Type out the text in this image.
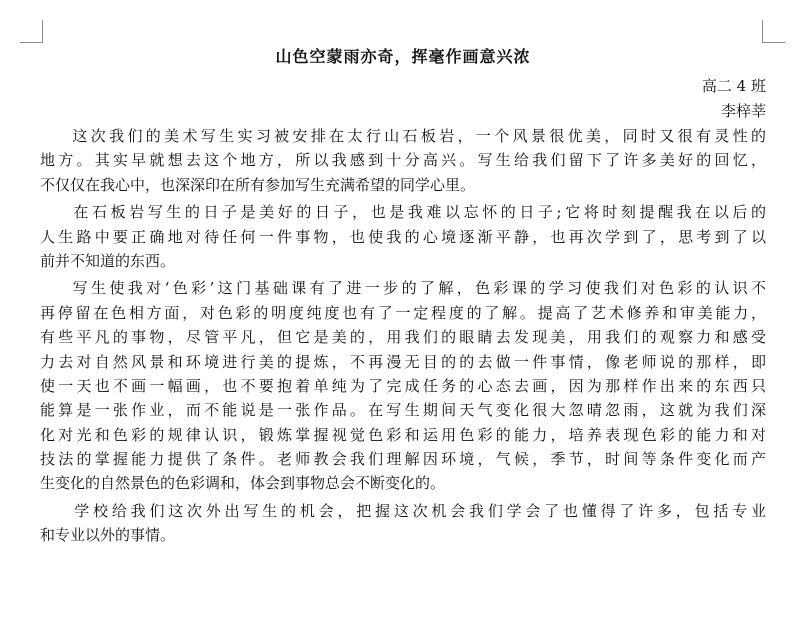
山色空蒙雨亦奇，挥毫作画意兴浓
高二 4 班
李梓莘
这次我们的美术写生实习被安排在太行山石板岩，一个风景很优美，同时又很有灵性的
地方。其实早就想去这个地方，所以我感到十分高兴。写生给我们留下了许多美好的回忆，
不仅仅在我心中，也深深印在所有参加写生充满希望的同学心里。
在石板岩写生的日子是美好的日子，也是我难以忘怀的日子;它将时刻提醒我在以后的
人生路中要正确地对待任何一件事物，也使我的心境逐渐平静，也再次学到了，思考到了以
前并不知道的东西。
写生使我对‘色彩’这门基础课有了进一步的了解，色彩课的学习使我们对色彩的认识不
再停留在色相方面，对色彩的明度纯度也有了一定程度的了解。提高了艺术修养和审美能力，
有些平凡的事物，尽管平凡，但它是美的，用我们的眼睛去发现美，用我们的观察力和感受
力去对自然风景和环境进行美的提炼，不再漫无目的的去做一件事情，像老师说的那样，即
使一天也不画一幅画，也不要抱着单纯为了完成任务的心态去画，因为那样作出来的东西只
能算是一张作业，而不能说是一张作品。在写生期间天气变化很大忽晴忽雨，这就为我们深
化对光和色彩的规律认识，锻炼掌握视觉色彩和运用色彩的能力，培养表现色彩的能力和对
技法的掌握能力提供了条件。老师教会我们理解因环境，气候，季节，时间等条件变化而产
生变化的自然景色的色彩调和，体会到事物总会不断变化的。
学校给我们这次外出写生的机会，把握这次机会我们学会了也懂得了许多，包括专业
和专业以外的事情。
